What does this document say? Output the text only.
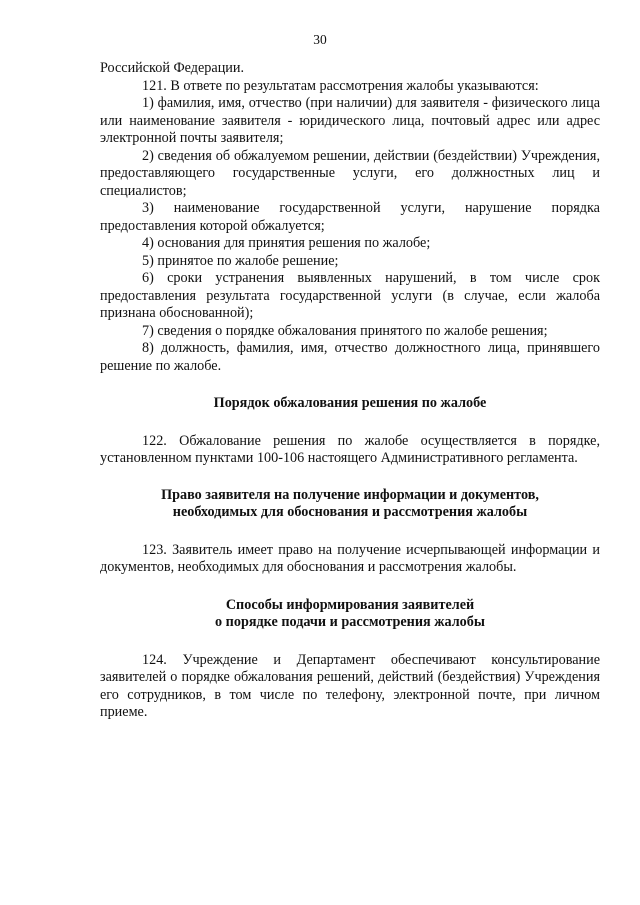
30

Российской Федерации.

121. В ответе по результатам рассмотрения жалобы указываются:

1) фамилия, имя, отчество (при наличии) для заявителя - физического лица или наименование заявителя - юридического лица, почтовый адрес или адрес электронной почты заявителя;

2) сведения об обжалуемом решении, действии (бездействии) Учреждения, предоставляющего государственные услуги, его должностных лиц и специалистов;

3) наименование государственной услуги, нарушение порядка предоставления которой обжалуется;

4) основания для принятия решения по жалобе;

5) принятое по жалобе решение;

6) сроки устранения выявленных нарушений, в том числе срок предоставления результата государственной услуги (в случае, если жалоба признана обоснованной);

7) сведения о порядке обжалования принятого по жалобе решения;

8) должность, фамилия, имя, отчество должностного лица, принявшего решение по жалобе.

Порядок обжалования решения по жалобе

122. Обжалование решения по жалобе осуществляется в порядке, установленном пунктами 100-106 настоящего Административного регламента.

Право заявителя на получение информации и документов,
необходимых для обоснования и рассмотрения жалобы

123. Заявитель имеет право на получение исчерпывающей информации и документов, необходимых для обоснования и рассмотрения жалобы.

Способы информирования заявителей
о порядке подачи и рассмотрения жалобы

124. Учреждение и Департамент обеспечивают консультирование заявителей о порядке обжалования решений, действий (бездействия) Учреждения его сотрудников, в том числе по телефону, электронной почте, при личном приеме.
